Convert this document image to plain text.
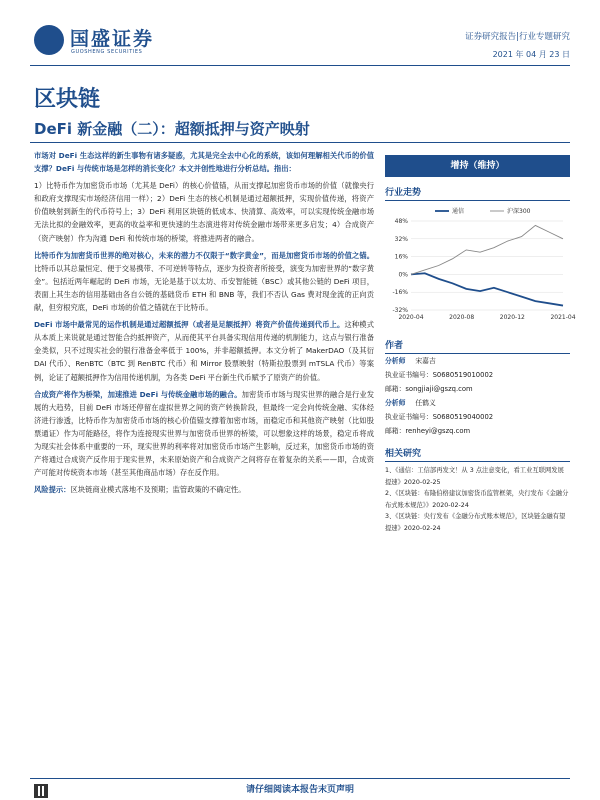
国盛证券
GUOSHENG SECURITIES
证券研究报告|行业专题研究
2021 年 04 月 23 日
区块链
DeFi 新金融（二）：超额抵押与资产映射

市场对 DeFi 生态这样的新生事物有诸多疑惑，尤其是完全去中心化的系统，该如何理解相关代币的价值支撑？DeFi 与传统市场是怎样的消长变化？本文并创性地进行分析总结。指出：

1）比特币作为加密货币市场（尤其是 DeFi）的核心价值锚，从而支撑起加密货币市场的价值（就像央行和政府支撑现实市场经济信用一样）；2）DeFi 生态的核心机制是通过超额抵押，实现价值传递，将资产价值映射到新生的代币符号上；3）DeFi 利用区块链的低成本、快清算、高效率，可以实现传统金融市场无法比拟的金融效率，更高的收益率和更快速的生态演进将对传统金融市场带来更多启发；4）合成资产（资产映射）作为沟通 DeFi 和传统市场的桥梁，将推进两者的融合。

比特币作为加密货币世界的绝对核心，未来的潜力不仅限于“数字黄金”，而是加密货币市场的价值之锚。比特币以其总量恒定、便于交易携带、不可逆转等特点，逐步为投资者所接受，演变为加密世界的“数字黄金”。包括近两年崛起的 DeFi 市场，无论是基于以太坊、币安智能链（BSC）或其他公链的 DeFi 项目，表面上其生态的信用基础由各自公链的基础货币 ETH 和 BNB 等，我们不否认 Gas 费对现金流的正向贡献，但穷根究底，DeFi 市场的价值之锚就在于比特币。

DeFi 市场中最常见的运作机制是通过超额抵押（或者是足额抵押）将资产价值传递到代币上。这种模式从本质上来说就是通过智能合约抵押资产，从而使其平台具备实现信用传递的机制能力，这点与银行准备金类似，只不过现实社会的银行准备金率低于 100%，并非超额抵押。本文分析了 MakerDAO（及其衍 DAI 代币）、RenBTC（BTC 到 RenBTC 代币）和 Mirror 股票映射（特斯拉股票到 mTSLA 代币）等案例，论证了超额抵押作为信用传递机制，为各类 DeFi 平台新生代币赋予了原资产的价值。

合成资产将作为桥梁，加速推进 DeFi 与传统金融市场的融合。加密货币市场与现实世界的融合是行业发展的大趋势，目前 DeFi 市场还停留在虚拟世界之间的资产转换阶段，但最终一定会向传统金融、实体经济进行渗透，比特币作为加密货币市场的核心价值锚支撑着加密市场，而稳定币和其他资产映射（比如股票通证）作为可能路径，将作为连接现实世界与加密货币世界的桥梁，可以想象这样的场景，稳定币将成为现实社会体系中重要的一环，现实世界的利率将对加密货币市场产生影响，反过来，加密货币市场的资产将通过合成资产反作用于现实世界，未来原始资产和合成资产之间将存在着复杂的关系——即，合成资产可能对传统资本市场（甚至其他商品市场）存在反作用。

风险提示：区块链商业模式落地不及预期；监管政策的不确定性。

增持（维持）
行业走势
48%
32%
16%
0%
-16%
-32%
2020-04	2020-08	2020-12	2021-04
通信	沪深300
作者
分析师 宋嘉吉
执业证书编号：S0680519010002
邮箱：songjiaji@gszq.com
分析师 任鹤义
执业证书编号：S0680519040002
邮箱：renheyi@gszq.com
相关研究
1、《通信：工信部再发文！从 3 点注意变化，看工业互联网发展提速》2020-02-25
2、《区块链：布隆伯格建议加密货币监管框架，央行发布《金融分布式账本规范》》2020-02-24
3、《区块链：央行发布《金融分布式账本规范》，区块链金融有望提速》2020-02-24
请仔细阅读本报告末页声明
